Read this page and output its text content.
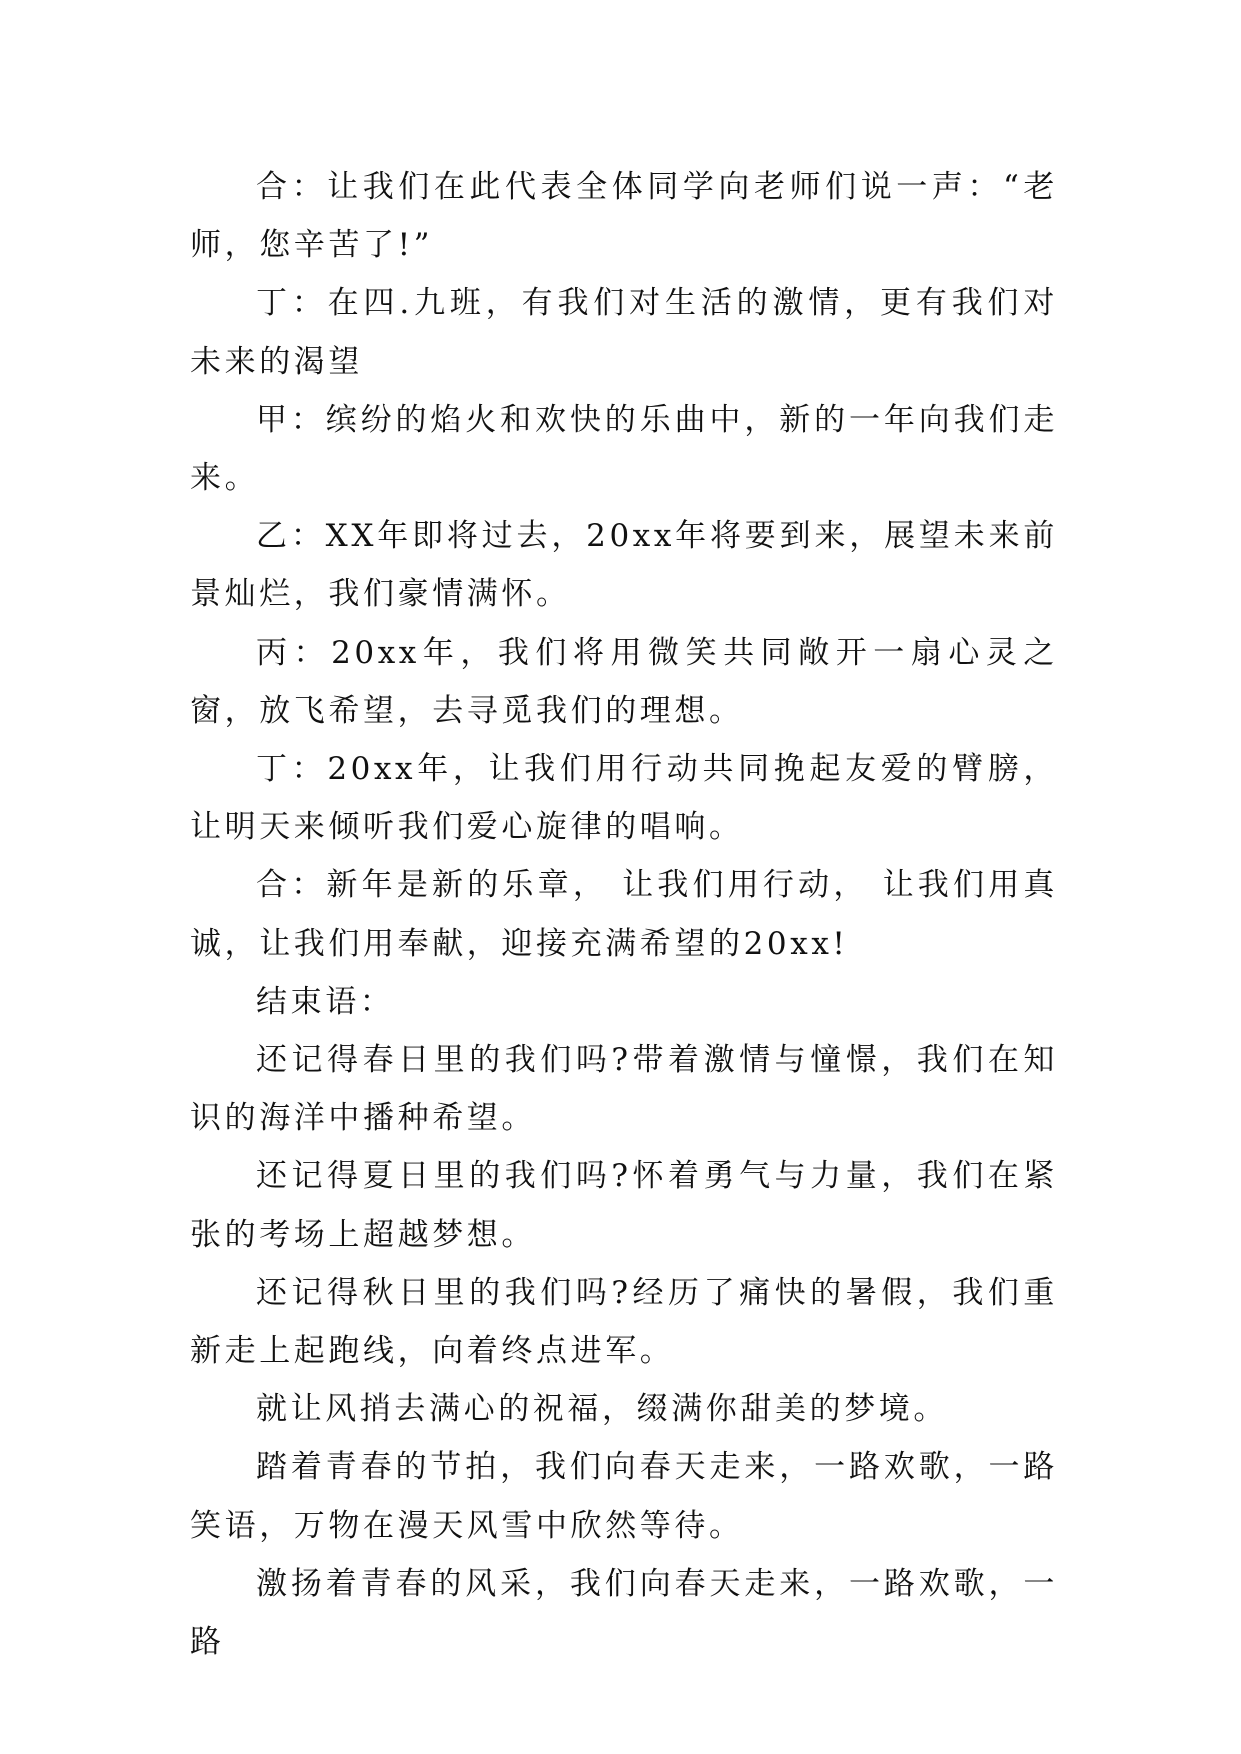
合：让我们在此代表全体同学向老师们说一声：“老师，您辛苦了!”

丁：在四.九班，有我们对生活的激情，更有我们对未来的渴望

甲：缤纷的焰火和欢快的乐曲中，新的一年向我们走来。

乙：XX年即将过去，20xx年将要到来，展望未来前景灿烂，我们豪情满怀。

丙：20xx年，我们将用微笑共同敞开一扇心灵之窗，放飞希望，去寻觅我们的理想。

丁：20xx年，让我们用行动共同挽起友爱的臂膀，让明天来倾听我们爱心旋律的唱响。

合：新年是新的乐章， 让我们用行动， 让我们用真诚，让我们用奉献，迎接充满希望的20xx!

结束语：

还记得春日里的我们吗?带着激情与憧憬，我们在知识的海洋中播种希望。

还记得夏日里的我们吗?怀着勇气与力量，我们在紧张的考场上超越梦想。

还记得秋日里的我们吗?经历了痛快的暑假，我们重新走上起跑线，向着终点进军。

就让风捎去满心的祝福，缀满你甜美的梦境。

踏着青春的节拍，我们向春天走来，一路欢歌，一路笑语，万物在漫天风雪中欣然等待。

激扬着青春的风采，我们向春天走来，一路欢歌，一路
